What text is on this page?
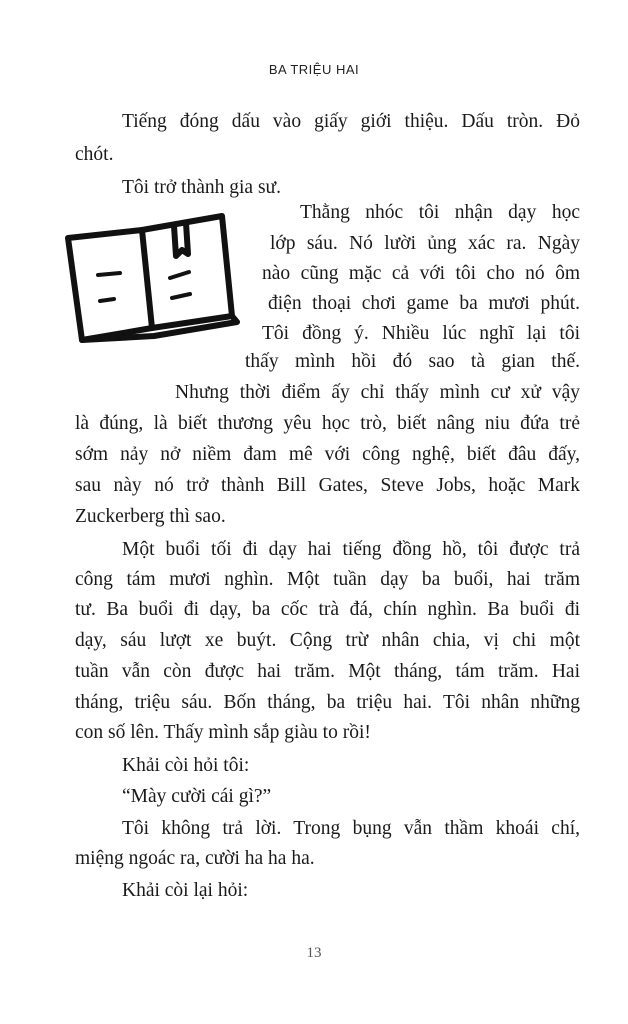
BA TRIỆU HAI
Tiếng đóng dấu vào giấy giới thiệu. Dấu tròn. Đỏ
chót.
Tôi trở thành gia sư.
Thằng nhóc tôi nhận dạy học
lớp sáu. Nó lười ủng xác ra. Ngày
nào cũng mặc cả với tôi cho nó ôm
điện thoại chơi game ba mươi phút.
Tôi đồng ý. Nhiều lúc nghĩ lại tôi
thấy mình hồi đó sao tà gian thế.
Nhưng thời điểm ấy chỉ thấy mình cư xử vậy
là đúng, là biết thương yêu học trò, biết nâng niu đứa trẻ
sớm nảy nở niềm đam mê với công nghệ, biết đâu đấy,
sau này nó trở thành Bill Gates, Steve Jobs, hoặc Mark
Zuckerberg thì sao.
Một buổi tối đi dạy hai tiếng đồng hồ, tôi được trả
công tám mươi nghìn. Một tuần dạy ba buổi, hai trăm
tư. Ba buổi đi dạy, ba cốc trà đá, chín nghìn. Ba buổi đi
dạy, sáu lượt xe buýt. Cộng trừ nhân chia, vị chi một
tuần vẫn còn được hai trăm. Một tháng, tám trăm. Hai
tháng, triệu sáu. Bốn tháng, ba triệu hai. Tôi nhân những
con số lên. Thấy mình sắp giàu to rồi!
Khải còi hỏi tôi:
“Mày cười cái gì?”
Tôi không trả lời. Trong bụng vẫn thầm khoái chí,
miệng ngoác ra, cười ha ha ha.
Khải còi lại hỏi:
13
